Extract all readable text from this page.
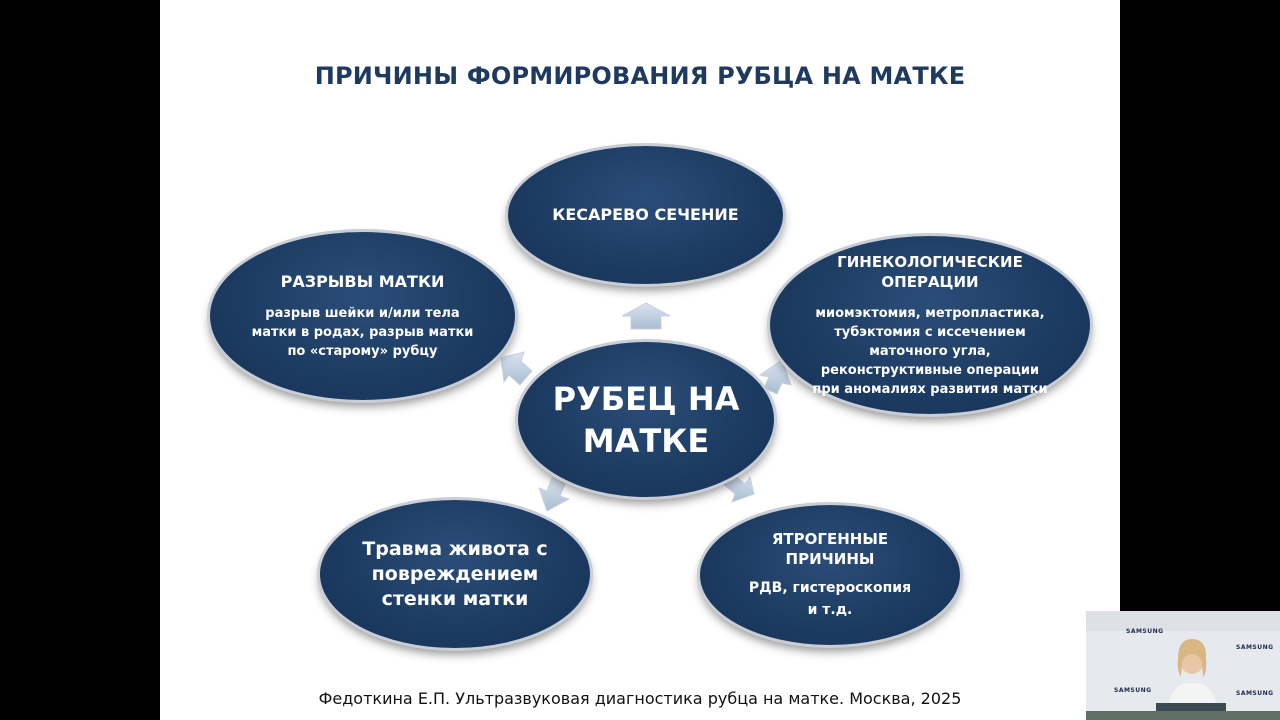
ПРИЧИНЫ ФОРМИРОВАНИЯ РУБЦА НА МАТКЕ
КЕСАРЕВО СЕЧЕНИЕ
ГИНЕКОЛОГИЧЕСКИЕ
ОПЕРАЦИИ
миомэктомия, метропластика,
тубэктомия с иссечением
маточного угла,
реконструктивные операции
при аномалиях развития матки
РАЗРЫВЫ МАТКИ
разрыв шейки и/или тела
матки в родах, разрыв матки
по «старому» рубцу
РУБЕЦ НА
МАТКЕ
Травма живота с
повреждением
стенки матки
ЯТРОГЕННЫЕ
ПРИЧИНЫ
РДВ, гистероскопия
и т.д.
Федоткина Е.П. Ультразвуковая диагностика рубца на матке. Москва, 2025
SAMSUNG
SAMSUNG
SAMSUNG	SAMSUNG
